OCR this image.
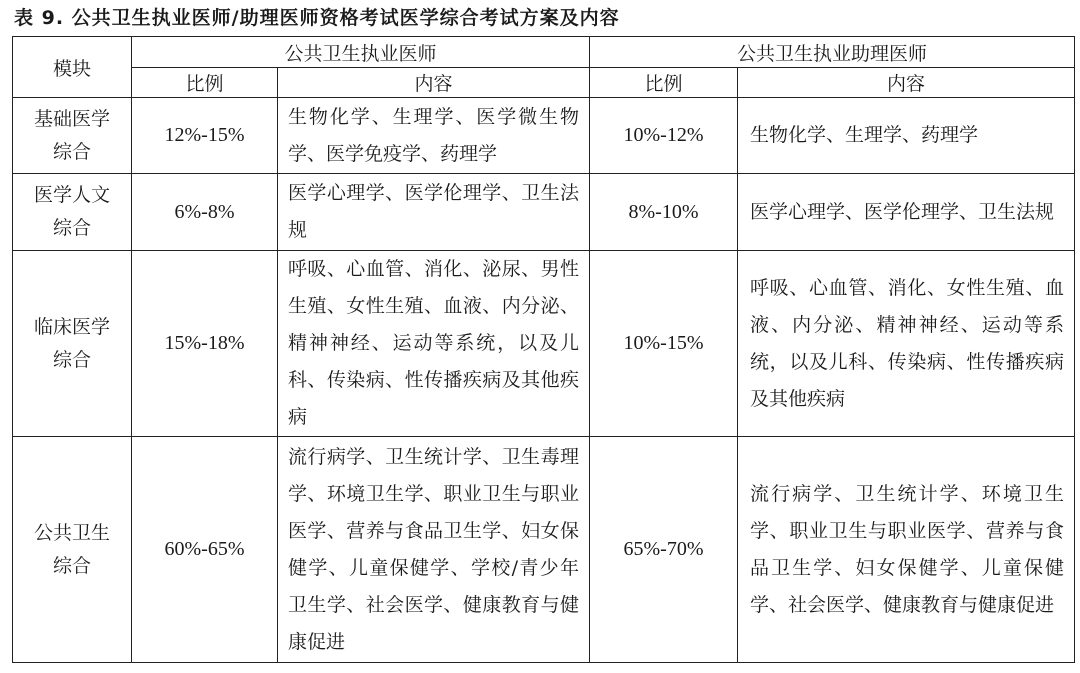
表 9. 公共卫生执业医师/助理医师资格考试医学综合考试方案及内容
模块	公共卫生执业医师		公共卫生执业助理医师	
	比例	内容	比例	内容

基础医学
综合	12%-15%	生物化学、生理学、医学微生物学、医学免疫学、药理学	10%-12%	生物化学、生理学、药理学

医学人文
综合	6%-8%	医学心理学、医学伦理学、卫生法规	8%-10%	医学心理学、医学伦理学、卫生法规

临床医学
综合	15%-18%	呼吸、心血管、消化、泌尿、男性生殖、女性生殖、血液、内分泌、精神神经、运动等系统，以及儿科、传染病、性传播疾病及其他疾病	10%-15%	呼吸、心血管、消化、女性生殖、血液、内分泌、精神神经、运动等系统，以及儿科、传染病、性传播疾病及其他疾病

公共卫生
综合	60%-65%	流行病学、卫生统计学、卫生毒理学、环境卫生学、职业卫生与职业医学、营养与食品卫生学、妇女保健学、儿童保健学、学校/青少年卫生学、社会医学、健康教育与健康促进	65%-70%	流行病学、卫生统计学、环境卫生学、职业卫生与职业医学、营养与食品卫生学、妇女保健学、儿童保健学、社会医学、健康教育与健康促进
